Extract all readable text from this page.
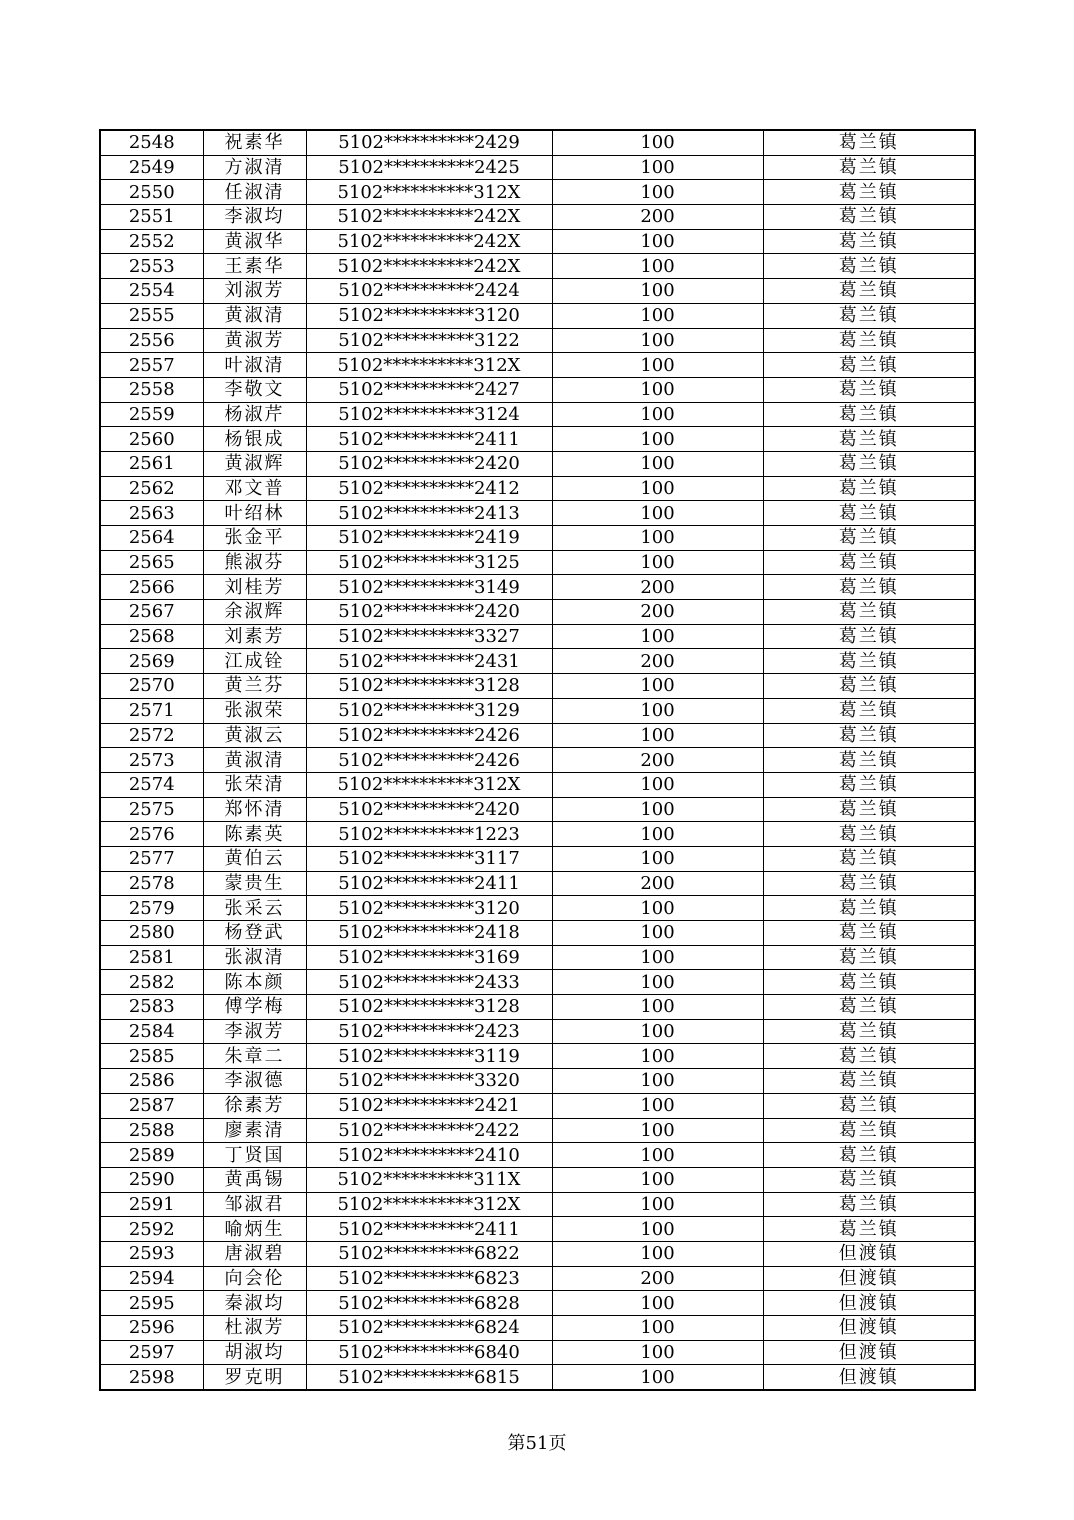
2548	祝素华	5102**********2429	100	葛兰镇
2549	方淑清	5102**********2425	100	葛兰镇
2550	任淑清	5102**********312X	100	葛兰镇
2551	李淑均	5102**********242X	200	葛兰镇
2552	黄淑华	5102**********242X	100	葛兰镇
2553	王素华	5102**********242X	100	葛兰镇
2554	刘淑芳	5102**********2424	100	葛兰镇
2555	黄淑清	5102**********3120	100	葛兰镇
2556	黄淑芳	5102**********3122	100	葛兰镇
2557	叶淑清	5102**********312X	100	葛兰镇
2558	李敬文	5102**********2427	100	葛兰镇
2559	杨淑芹	5102**********3124	100	葛兰镇
2560	杨银成	5102**********2411	100	葛兰镇
2561	黄淑辉	5102**********2420	100	葛兰镇
2562	邓文普	5102**********2412	100	葛兰镇
2563	叶绍林	5102**********2413	100	葛兰镇
2564	张金平	5102**********2419	100	葛兰镇
2565	熊淑芬	5102**********3125	100	葛兰镇
2566	刘桂芳	5102**********3149	200	葛兰镇
2567	余淑辉	5102**********2420	200	葛兰镇
2568	刘素芳	5102**********3327	100	葛兰镇
2569	江成铨	5102**********2431	200	葛兰镇
2570	黄兰芬	5102**********3128	100	葛兰镇
2571	张淑荣	5102**********3129	100	葛兰镇
2572	黄淑云	5102**********2426	100	葛兰镇
2573	黄淑清	5102**********2426	200	葛兰镇
2574	张荣清	5102**********312X	100	葛兰镇
2575	郑怀清	5102**********2420	100	葛兰镇
2576	陈素英	5102**********1223	100	葛兰镇
2577	黄伯云	5102**********3117	100	葛兰镇
2578	蒙贵生	5102**********2411	200	葛兰镇
2579	张采云	5102**********3120	100	葛兰镇
2580	杨登武	5102**********2418	100	葛兰镇
2581	张淑清	5102**********3169	100	葛兰镇
2582	陈本颜	5102**********2433	100	葛兰镇
2583	傅学梅	5102**********3128	100	葛兰镇
2584	李淑芳	5102**********2423	100	葛兰镇
2585	朱章二	5102**********3119	100	葛兰镇
2586	李淑德	5102**********3320	100	葛兰镇
2587	徐素芳	5102**********2421	100	葛兰镇
2588	廖素清	5102**********2422	100	葛兰镇
2589	丁贤国	5102**********2410	100	葛兰镇
2590	黄禹锡	5102**********311X	100	葛兰镇
2591	邹淑君	5102**********312X	100	葛兰镇
2592	喻炳生	5102**********2411	100	葛兰镇
2593	唐淑碧	5102**********6822	100	但渡镇
2594	向会伦	5102**********6823	200	但渡镇
2595	秦淑均	5102**********6828	100	但渡镇
2596	杜淑芳	5102**********6824	100	但渡镇
2597	胡淑均	5102**********6840	100	但渡镇
2598	罗克明	5102**********6815	100	但渡镇
第51页
